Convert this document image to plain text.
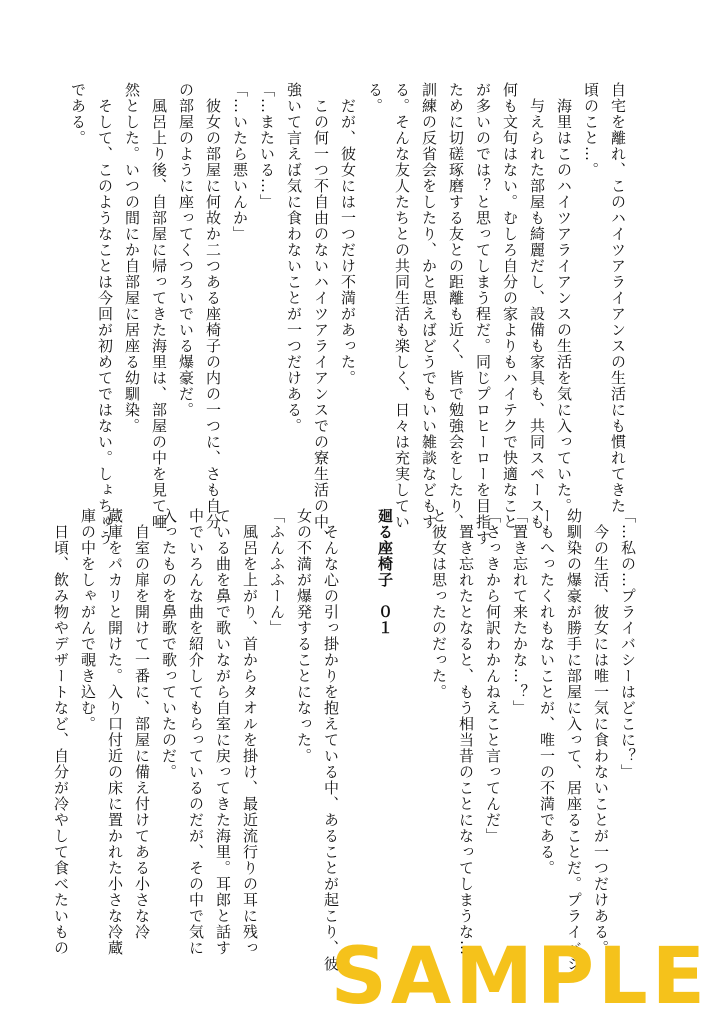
自宅を離れ、このハイツアライアンスの生活にも慣れてきた
頃のこと…。
　海里はこのハイツアライアンスの生活を気に入っていた。
　与えられた部屋も綺麗だし、設備も家具も、共同スペースも
何も文句はない。むしろ自分の家よりもハイテクで快適なこと
が多いのでは？と思ってしまう程だ。同じプロヒーローを目指す
ために切磋琢磨する友との距離も近く、皆で勉強会をしたり、
訓練の反省会をしたり、かと思えばどうでもいい雑談などもす
る。そんな友人たちとの共同生活も楽しく、日々は充実してい
る。
　だが、彼女には一つだけ不満があった。
　この何一つ不自由のないハイツアライアンスでの寮生活の中、
強いて言えば気に食わないことが一つだけある。
「…またいる…」
「…いたら悪いんか」
　彼女の部屋に何故か二つある座椅子の内の一つに、さも自分
の部屋のように座ってくつろいでいる爆豪だ。
　風呂上り後、自部屋に帰ってきた海里は、部屋の中を見て唖
然とした。いつの間にか自部屋に居座る幼馴染。
　そして、このようなことは今回が初めてではない。しょちゅう
である。
「…私の…プライバシーはどこに？」
　今の生活、彼女には唯一気に食わないことが一つだけある。
幼馴染の爆豪が勝手に部屋に入って、居座ることだ。プライバシ
ーもへったくれもないことが、唯一の不満である。
「置き忘れて来たかな…？」
「さっきから何訳わかんねえこと言ってんだ」
　置き忘れたとなると、もう相当昔のことになってしまうな…
と彼女は思ったのだった。

廻る座椅子　０１

　そんな心の引っ掛かりを抱えている中、あることが起こり、彼
女の不満が爆発することになった。
「ふんふふーん」
　風呂を上がり、首からタオルを掛け、最近流行りの耳に残っ
ている曲を鼻で歌いながら自室に戻ってきた海里。耳郎と話す
中でいろんな曲を紹介してもらっているのだが、その中で気に
入ったものを鼻歌で歌っていたのだ。
　自室の扉を開けて一番に、部屋に備え付けてある小さな冷
蔵庫をパカリと開けた。入り口付近の床に置かれた小さな冷蔵
庫の中をしゃがんで覗き込む。
　日頃、飲み物やデザートなど、自分が冷やして食べたいもの
SAMPLE
